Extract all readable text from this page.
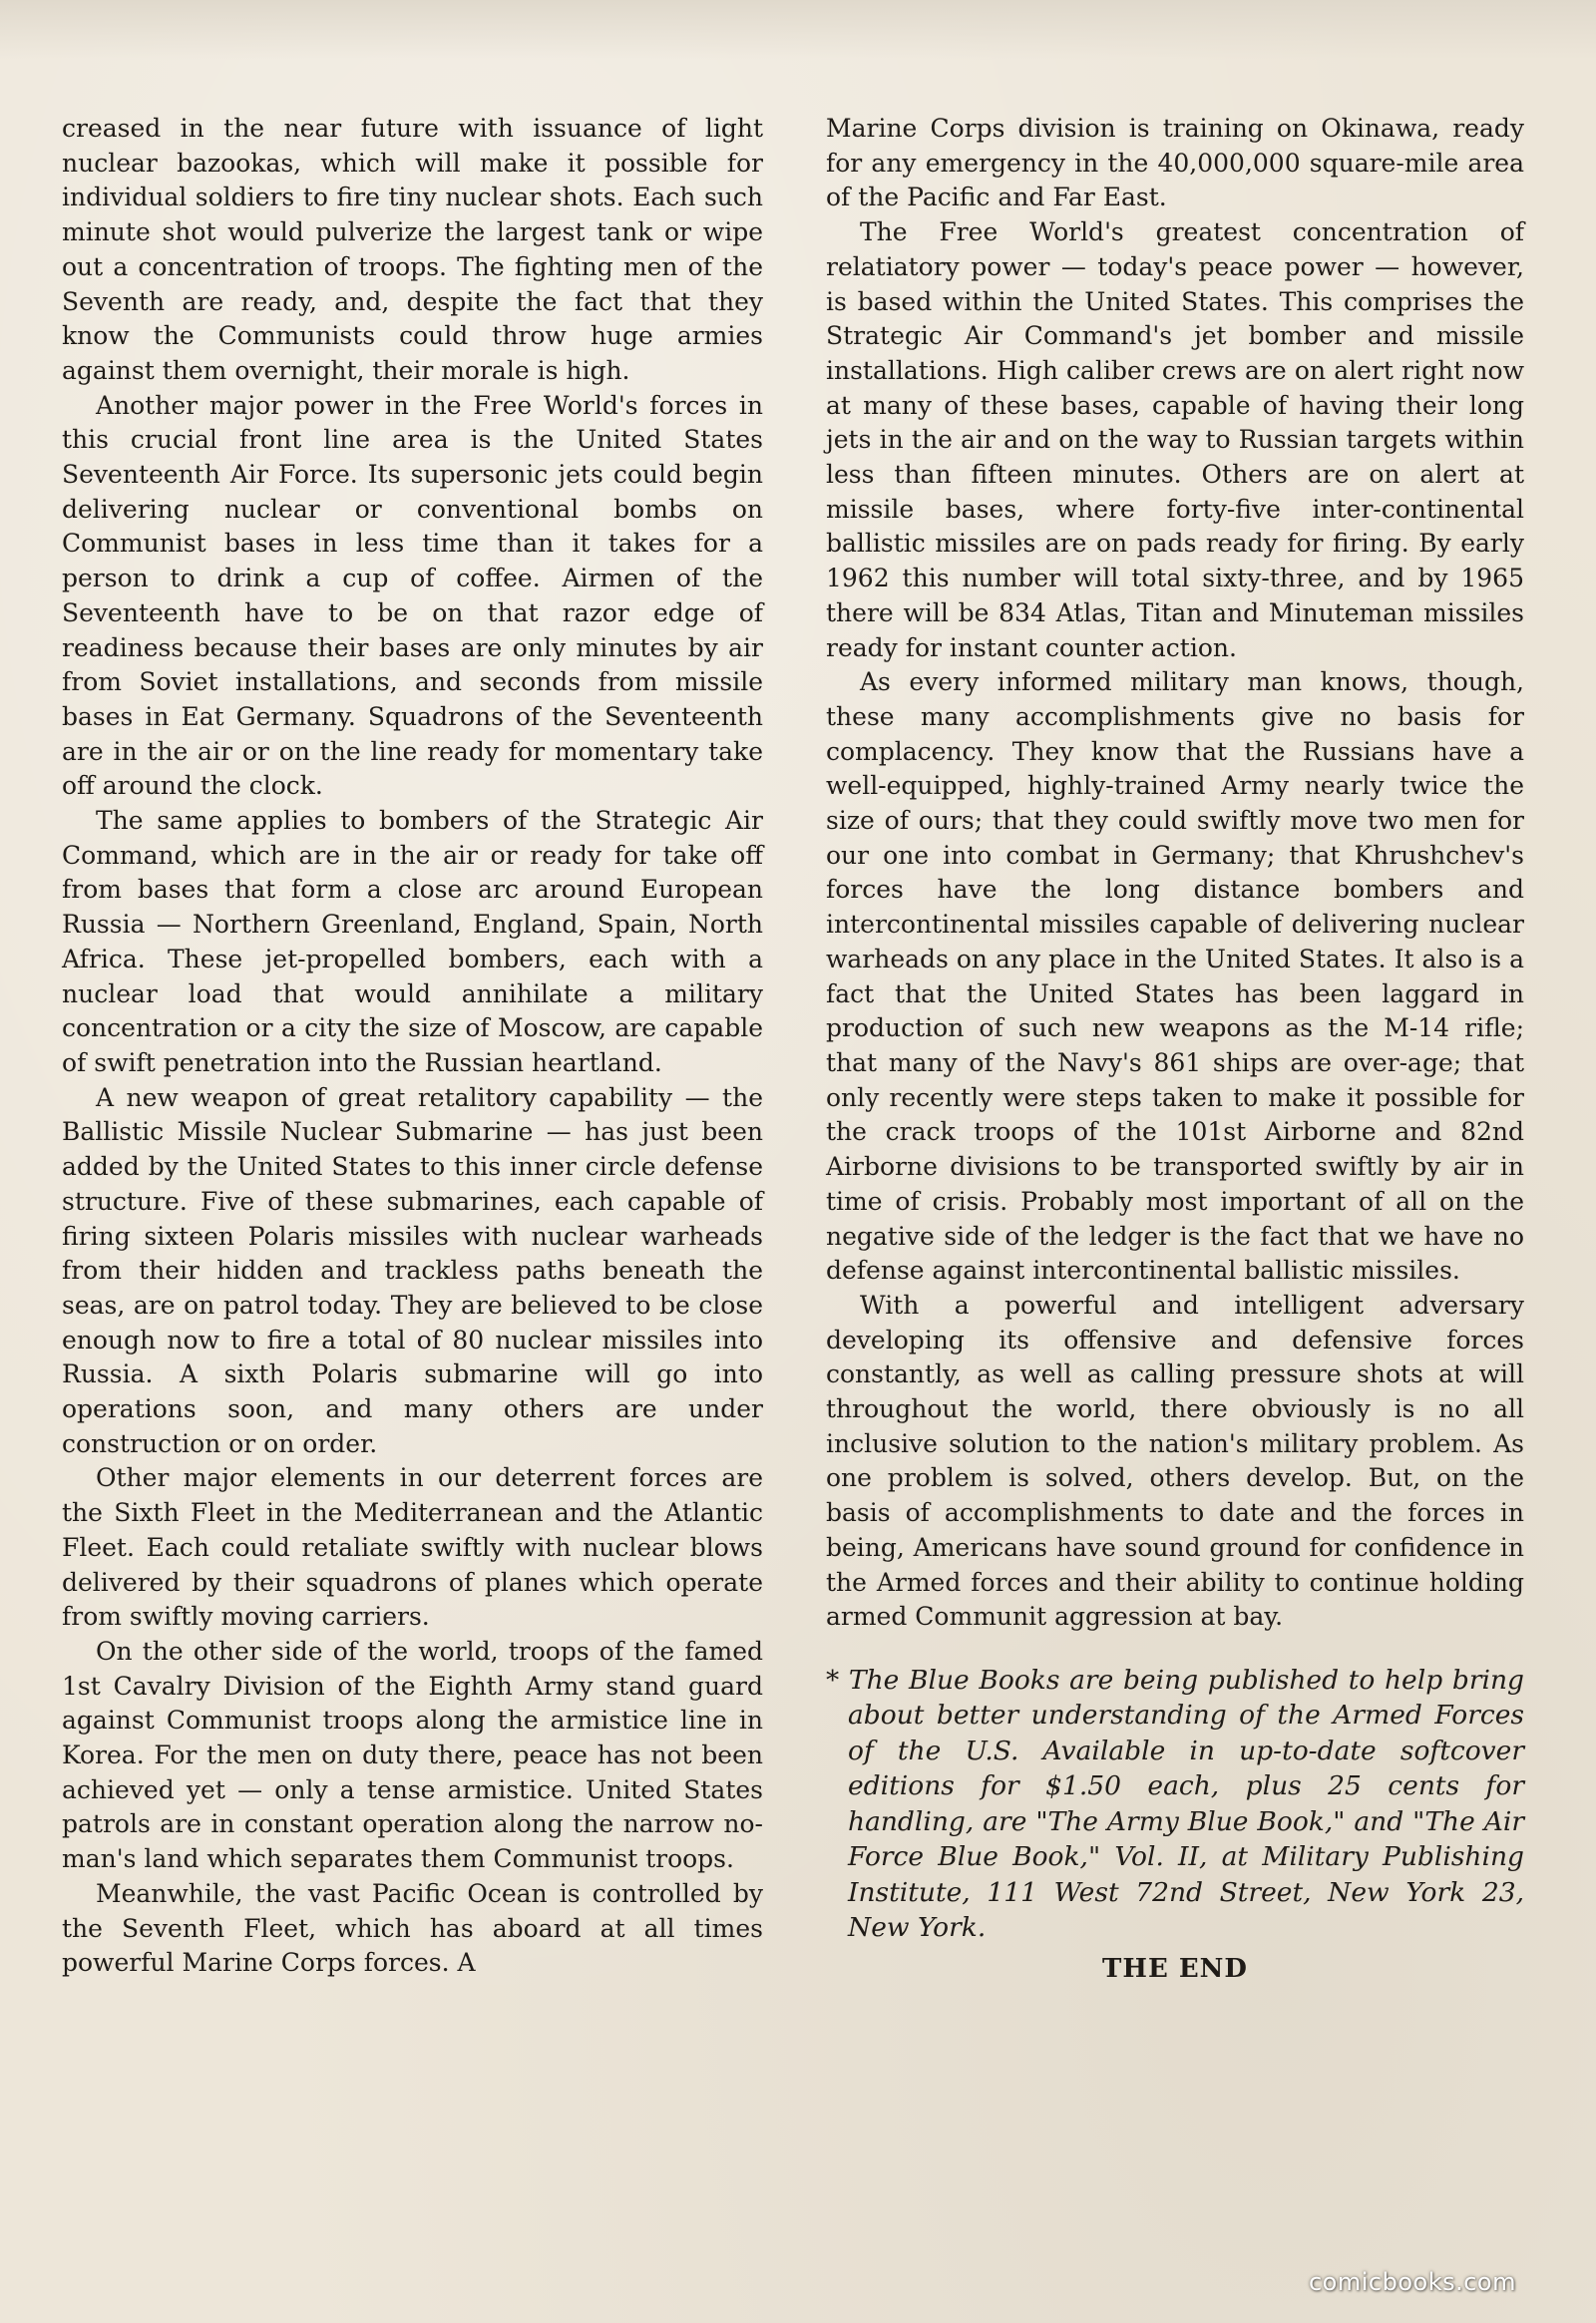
creased in the near future with issuance of light nuclear bazookas, which will make it possible for individual soldiers to fire tiny nuclear shots. Each such minute shot would pulverize the largest tank or wipe out a concentration of troops. The fighting men of the Seventh are ready, and, despite the fact that they know the Communists could throw huge armies against them overnight, their morale is high.

Another major power in the Free World's forces in this crucial front line area is the United States Seventeenth Air Force. Its supersonic jets could begin delivering nuclear or conventional bombs on Communist bases in less time than it takes for a person to drink a cup of coffee. Airmen of the Seventeenth have to be on that razor edge of readiness because their bases are only minutes by air from Soviet installations, and seconds from missile bases in Eat Germany. Squadrons of the Seventeenth are in the air or on the line ready for momentary take off around the clock.

The same applies to bombers of the Strategic Air Command, which are in the air or ready for take off from bases that form a close arc around European Russia — Northern Greenland, England, Spain, North Africa. These jet-propelled bombers, each with a nuclear load that would annihilate a military concentration or a city the size of Moscow, are capable of swift penetration into the Russian heartland.

A new weapon of great retalitory capability — the Ballistic Missile Nuclear Submarine — has just been added by the United States to this inner circle defense structure. Five of these submarines, each capable of firing sixteen Polaris missiles with nuclear warheads from their hidden and trackless paths beneath the seas, are on patrol today. They are believed to be close enough now to fire a total of 80 nuclear missiles into Russia. A sixth Polaris submarine will go into operations soon, and many others are under construction or on order.

Other major elements in our deterrent forces are the Sixth Fleet in the Mediterranean and the Atlantic Fleet. Each could retaliate swiftly with nuclear blows delivered by their squadrons of planes which operate from swiftly moving carriers.

On the other side of the world, troops of the famed 1st Cavalry Division of the Eighth Army stand guard against Communist troops along the armistice line in Korea. For the men on duty there, peace has not been achieved yet — only a tense armistice. United States patrols are in constant operation along the narrow no-man's land which separates them Communist troops.

Meanwhile, the vast Pacific Ocean is controlled by the Seventh Fleet, which has aboard at all times powerful Marine Corps forces. A

Marine Corps division is training on Okinawa, ready for any emergency in the 40,000,000 square-mile area of the Pacific and Far East.

The Free World's greatest concentration of relatiatory power — today's peace power — however, is based within the United States. This comprises the Strategic Air Command's jet bomber and missile installations. High caliber crews are on alert right now at many of these bases, capable of having their long jets in the air and on the way to Russian targets within less than fifteen minutes. Others are on alert at missile bases, where forty-five inter-continental ballistic missiles are on pads ready for firing. By early 1962 this number will total sixty-three, and by 1965 there will be 834 Atlas, Titan and Minuteman missiles ready for instant counter action.

As every informed military man knows, though, these many accomplishments give no basis for complacency. They know that the Russians have a well-equipped, highly-trained Army nearly twice the size of ours; that they could swiftly move two men for our one into combat in Germany; that Khrushchev's forces have the long distance bombers and intercontinental missiles capable of delivering nuclear warheads on any place in the United States. It also is a fact that the United States has been laggard in production of such new weapons as the M-14 rifle; that many of the Navy's 861 ships are over-age; that only recently were steps taken to make it possible for the crack troops of the 101st Airborne and 82nd Airborne divisions to be transported swiftly by air in time of crisis. Probably most important of all on the negative side of the ledger is the fact that we have no defense against intercontinental ballistic missiles.

With a powerful and intelligent adversary developing its offensive and defensive forces constantly, as well as calling pressure shots at will throughout the world, there obviously is no all inclusive solution to the nation's military problem. As one problem is solved, others develop. But, on the basis of accomplishments to date and the forces in being, Americans have sound ground for confidence in the Armed forces and their ability to continue holding armed Communit aggression at bay.

* The Blue Books are being published to help bring about better understanding of the Armed Forces of the U.S. Available in up-to-date softcover editions for $1.50 each, plus 25 cents for handling, are "The Army Blue Book," and "The Air Force Blue Book," Vol. II, at Military Publishing Institute, 111 West 72nd Street, New York 23, New York.
THE END
comicbooks.com
